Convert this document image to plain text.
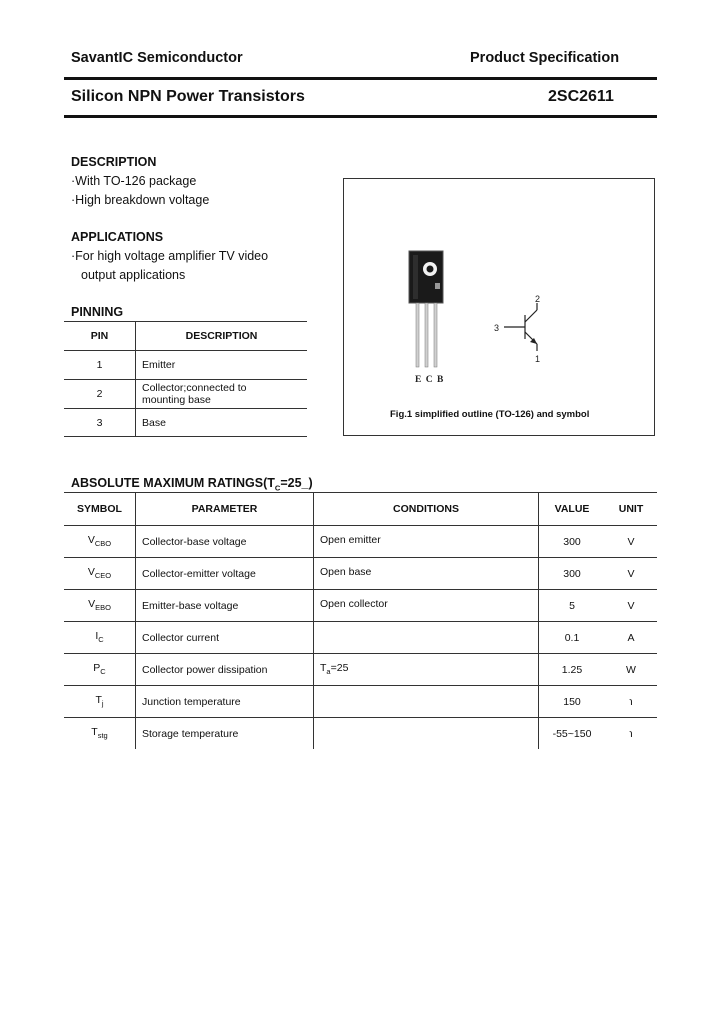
SavantIC Semiconductor	Product Specification
Silicon NPN Power Transistors	2SC2611
DESCRIPTION
·With TO-126 package
·High breakdown voltage
APPLICATIONS
·For high voltage amplifier TV video
output applications
PINNING
PIN	DESCRIPTION
1	Emitter
2	Collector;connected to
mounting base
3	Base
E C B
2
3
1
Fig.1 simplified outline (TO-126) and symbol
ABSOLUTE MAXIMUM $RATINGS(T_C=25\_)$
SYMBOL	PARAMETER	CONDITIONS	VALUE	UNIT
$V_{CBO}$	Collector-base voltage	Open emitter	300	V
$V_{CEO}$	Collector-emitter voltage	Open base	300	V
$V_{EBO}$	Emitter-base voltage	Open collector	5	V
$I_C$	Collector current		0.1	A
$P_C$	Collector power dissipation	$T_a=25$	1.25	W
$T_j$	Junction temperature		150	℩
$T_{stg}$	Storage temperature		-55~150	℩
